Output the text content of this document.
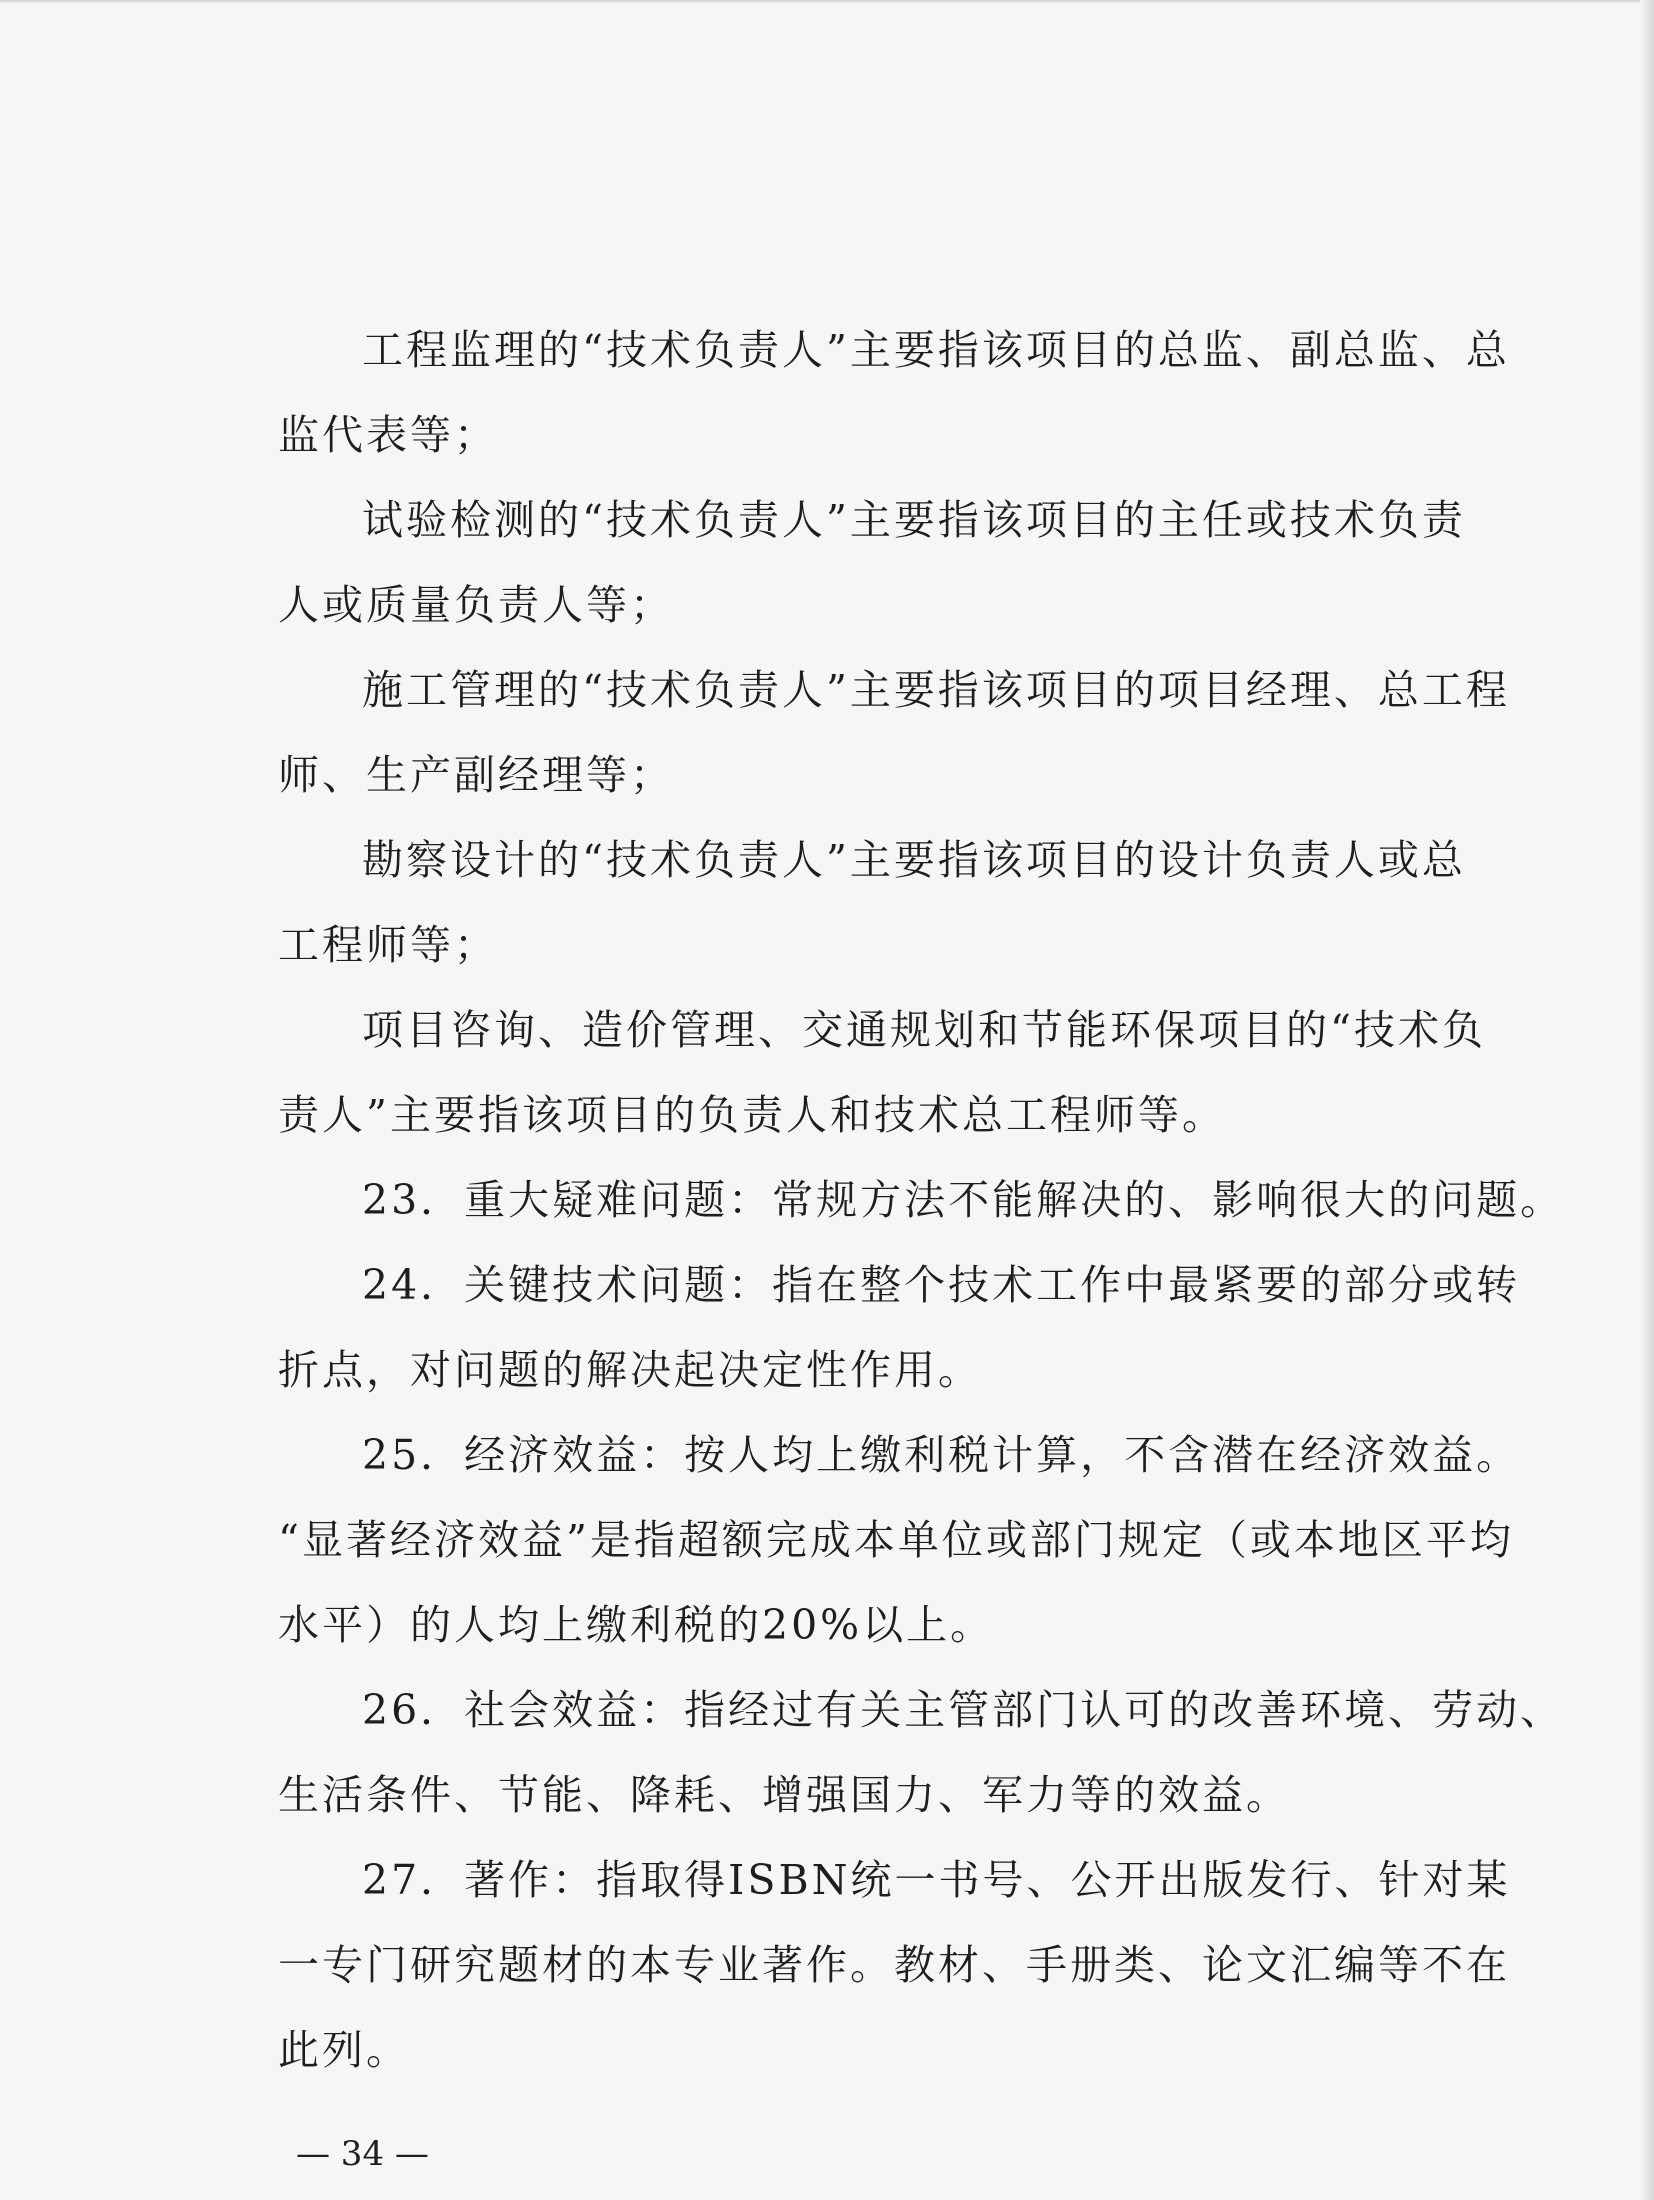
工程监理的“技术负责人”主要指该项目的总监、副总监、总
监代表等；
试验检测的“技术负责人”主要指该项目的主任或技术负责
人或质量负责人等；
施工管理的“技术负责人”主要指该项目的项目经理、总工程
师、生产副经理等；
勘察设计的“技术负责人”主要指该项目的设计负责人或总
工程师等；
项目咨询、造价管理、交通规划和节能环保项目的“技术负
责人”主要指该项目的负责人和技术总工程师等。
23．重大疑难问题：常规方法不能解决的、影响很大的问题。
24．关键技术问题：指在整个技术工作中最紧要的部分或转
折点，对问题的解决起决定性作用。
25．经济效益：按人均上缴利税计算，不含潜在经济效益。
“显著经济效益”是指超额完成本单位或部门规定（或本地区平均
水平）的人均上缴利税的20%以上。
26．社会效益：指经过有关主管部门认可的改善环境、劳动、
生活条件、节能、降耗、增强国力、军力等的效益。
27．著作：指取得ISBN统一书号、公开出版发行、针对某
一专门研究题材的本专业著作。教材、手册类、论文汇编等不在
此列。
— 34 —
